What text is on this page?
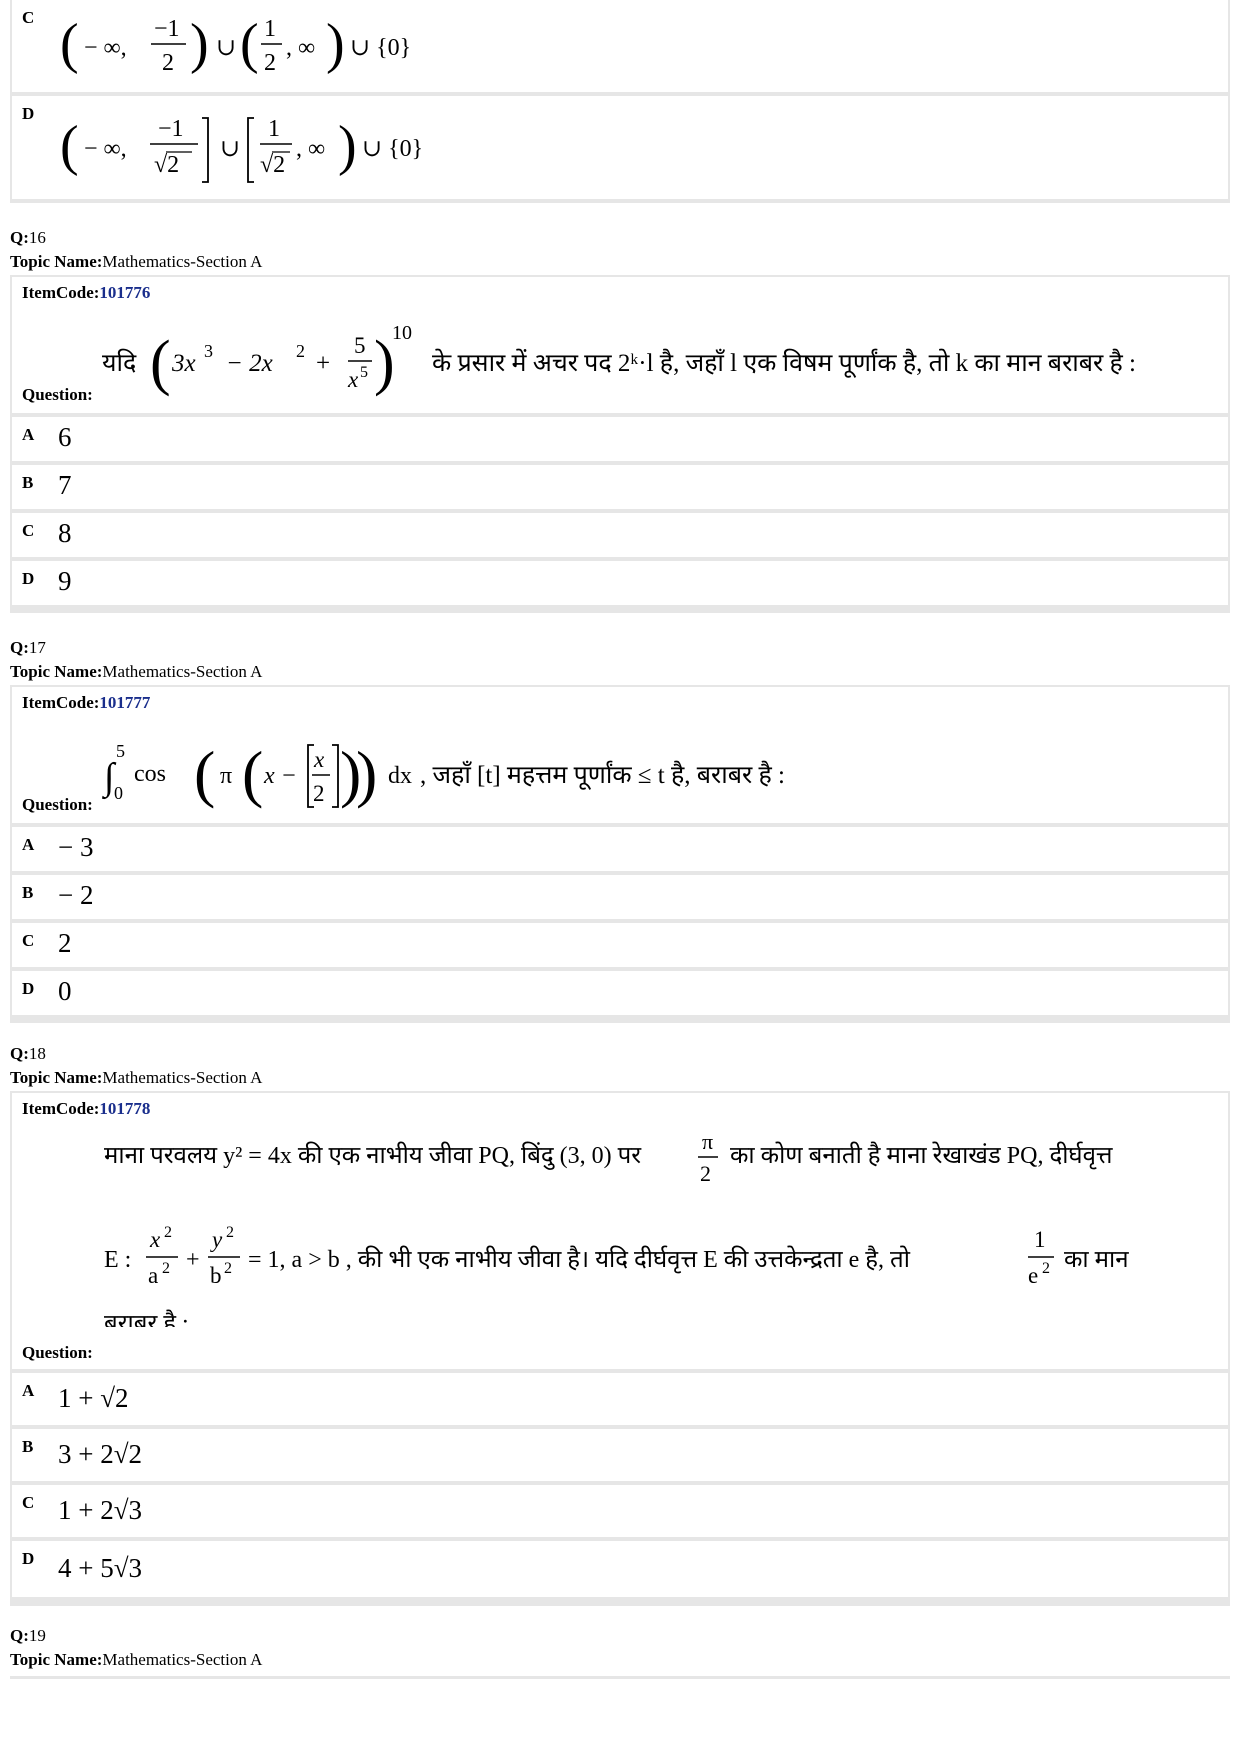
C ( − ∞,
−1
2 ) ∪ ( 1
2
, ∞ ) ∪ {0}
D
( − ∞,
−1
√2
∪
1
√2
, ∞ ) ∪ {0}
Q:16
Topic Name:Mathematics-Section A
ItemCode:101776
यदि ( 3x 3 − 2x 2 +
5
x 5 )
10
के प्रसार में अचर पद 2ᵏ·l है, जहाँ l एक विषम पूर्णांक है, तो k का मान बराबर है :
Question:
A 6
B 7
C 8
D 9
Q:17
Topic Name:Mathematics-Section A
ItemCode:101777
∫
5
0
cos ( π ( x −
x
2 )
) dx , जहाँ [t] महत्तम पूर्णांक ≤ t है, बराबर है :
Question:
A − 3
B − 2
C 2
D 0
Q:18
Topic Name:Mathematics-Section A
ItemCode:101778
माना परवलय y² = 4x की एक नाभीय जीवा PQ, बिंदु (3, 0) पर
π
2
का कोण बनाती है माना रेखाखंड PQ, दीर्घवृत्त
E :
x 2
a 2 +
y 2
b 2 = 1, a > b , की भी एक नाभीय जीवा है। यदि दीर्घवृत्त E की उत्तकेन्द्रता e है, तो
1
e 2 का मान
बराबर है :
Question:
A 1 + √2
B 3 + 2√2
C 1 + 2√3
D 4 + 5√3
Q:19
Topic Name:Mathematics-Section A
